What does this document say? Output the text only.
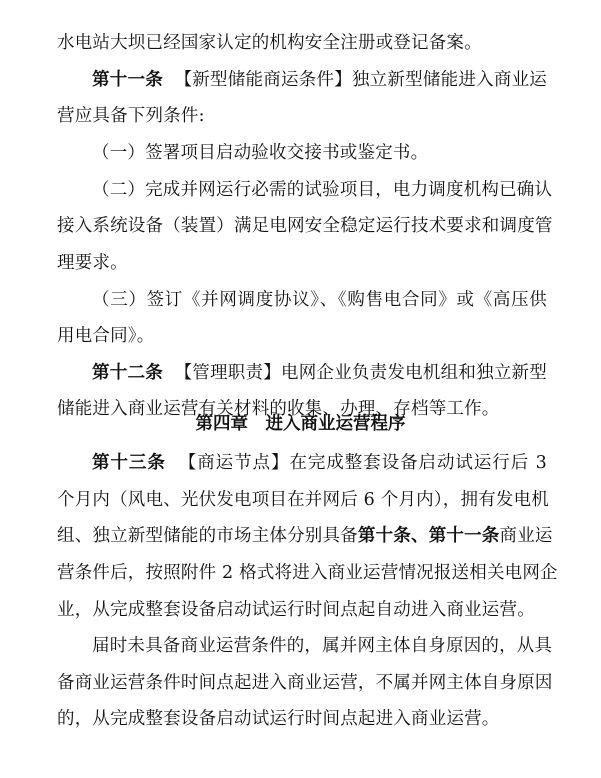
水电站大坝已经国家认定的机构安全注册或登记备案。
第十一条 【新型储能商运条件】独立新型储能进入商业运
营应具备下列条件:
（一）签署项目启动验收交接书或鉴定书。
（二）完成并网运行必需的试验项目，电力调度机构已确认
接入系统设备（装置）满足电网安全稳定运行技术要求和调度管
理要求。
（三）签订《并网调度协议》、《购售电合同》或《高压供
用电合同》。
第十二条 【管理职责】电网企业负责发电机组和独立新型
储能进入商业运营有关材料的收集、办理、存档等工作。
第四章　进入商业运营程序
第十三条 【商运节点】在完成整套设备启动试运行后 3
个月内（风电、光伏发电项目在并网后 6 个月内），拥有发电机
组、独立新型储能的市场主体分别具备第十条、第十一条商业运
营条件后，按照附件 2 格式将进入商业运营情况报送相关电网企
业，从完成整套设备启动试运行时间点起自动进入商业运营。
届时未具备商业运营条件的，属并网主体自身原因的，从具
备商业运营条件时间点起进入商业运营，不属并网主体自身原因
的，从完成整套设备启动试运行时间点起进入商业运营。
